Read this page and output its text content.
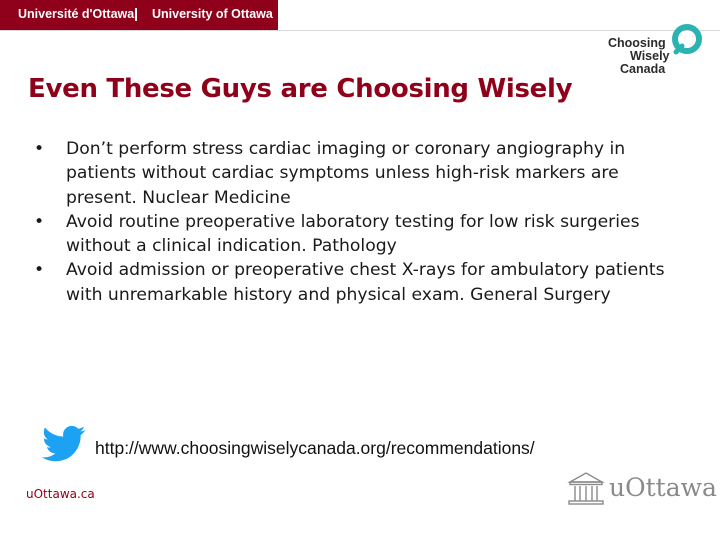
Université d'Ottawa University of Ottawa
Choosing
Wisely
Canada
Even These Guys are Choosing Wisely
• Don’t perform stress cardiac imaging or coronary angiography in patients without cardiac symptoms unless high-risk markers are present. Nuclear Medicine
• Avoid routine preoperative laboratory testing for low risk surgeries without a clinical indication. Pathology
• Avoid admission or preoperative chest X-rays for ambulatory patients with unremarkable history and physical exam. General Surgery
http://www.choosingwiselycanada.org/recommendations/
uOttawa.ca	uOttawa
